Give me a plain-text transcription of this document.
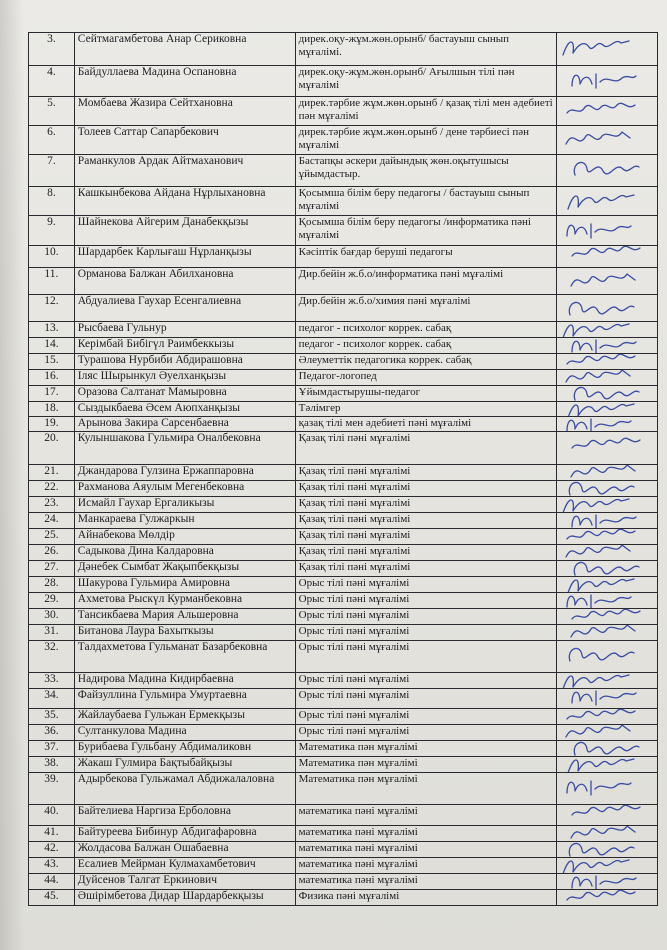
3.	Сейтмагамбетова Анар Сериковна	дирек.оқу-жұм.жөн.орынб/ бастауыш сынып мұғалімі.	

4.	Байдуллаева Мадина Оспановна	дирек.оқу-жұм.жөн.орынб/ Ағылшын тілі пән мұғалімі	

5.	Момбаева Жазира Сейтхановна	дирек.тәрбие жұм.жөн.орынб / қазақ тілі мен әдебиеті пән мұғалімі	

6.	Толеев Саттар Сапарбекович	дирек.тәрбие жұм.жөн.орынб / дене тәрбиесі пән мұғалімі	

7.	Раманкулов Ардак Айтмаханович	Бастапқы әскери дайындық жөн.оқытушысы ұйымдастыр.	

8.	Кашкынбекова Айдана Нұрлыхановна	Қосымша білім беру педагогы / бастауыш сынып мұғалімі	

9.	Шайнекова Айгерим Данабекқызы	Қосымша білім беру педагогы /информатика пәні мұғалімі	

10.	Шардарбек Карлығаш Нұрланқызы	Кәсіптік бағдар беруші педагогы	

11.	Орманова Балжан Абилхановна	Дир.бейін ж.б.о/информатика пәні мұғалімі	

12.	Абдуалиева Гаухар Есенгалиевна	Дир.бейін ж.б.о/химия пәні мұғалімі	

13.	Рысбаева Гульнур	педагог - психолог коррек. сабақ	

14.	Керімбай Бибігүл Раимбеккызы	педагог - психолог коррек. сабақ	

15.	Турашова Нурбиби Абдирашовна	Әлеуметтік педагогика коррек. сабақ	

16.	Іляс Шырынкул Әуелханқызы	Педагог-логопед	

17.	Оразова Салтанат Мамыровна	Ұйымдастырушы-педагог	

18.	Сыздыкбаева Әсем Аюпханқызы	Тәлімгер	

19.	Арынова Закира Сарсенбаевна	қазақ тілі мен әдебиеті пәні мұғалімі	

20.	Кулыншакова Гульмира Оналбековна	Қазақ тілі пәні мұғалімі	

21.	Джандарова Гулзина Ержаппаровна	Қазақ тілі пәні мұғалімі	

22.	Рахманова Аяулым Мегенбековна	Қазақ тілі пәні мұғалімі	

23.	Исмайл Гаухар Ергаликызы	Қазақ тілі пәні мұғалімі	

24.	Манкараева Гулжаркын	Қазақ тілі пәні мұғалімі	

25.	Айнабекова Мөлдір	Қазақ тілі пәні мұғалімі	

26.	Садыкова Дина Калдаровна	Қазақ тілі пәні мұғалімі	

27.	Дәнебек Сымбат Жақыпбекқызы	Қазақ тілі пәні мұғалімі	

28.	Шакурова Гульмира Амировна	Орыс тілі пәні мұғалімі	

29.	Ахметова Рыскүл Курманбековна	Орыс тілі пәні мұғалімі	

30.	Тансикбаева Мария Альшеровна	Орыс тілі пәні мұғалімі	

31.	Битанова Лаура Бахыткызы	Орыс тілі пәні мұғалімі	

32.	Талдахметова Гульманат Базарбековна	Орыс тілі пәні мұғалімі	

33.	Надирова Мадина Кидирбаевна	Орыс тілі пәні мұғалімі	

34.	Файзуллина Гульмира Умуртаевна	Орыс тілі пәні мұғалімі	

35.	Жайлаубаева Гульжан Ермекқызы	Орыс тілі пәні мұғалімі	

36.	Султанкулова Мадина	Орыс тілі пәні мұғалімі	

37.	Бурибаева Гульбану Абдималиковн	Математика пән мұғалімі	

38.	Жакаш Гулмира Бақтыбайқызы	Математика пән мұғалімі	

39.	Адырбекова Гульжамал Абдижалаловна	Математика пән мұғалімі	

40.	Байтелиева Наргиза Ерболовна	математика пәні мұғалімі	

41.	Байтуреева Бибинур Абдигафаровна	математика пәні мұғалімі	

42.	Жолдасова Балжан Ошабаевна	математика пәні мұғалімі	

43.	Есалиев Мейрман Кулмахамбетович	математика пәні мұғалімі	

44.	Дуйсенов Талгат Еркинович	математика пәні мұғалімі	

45.	Әшірімбетова Дидар Шардарбекқызы	Физика пәні мұғалімі	
